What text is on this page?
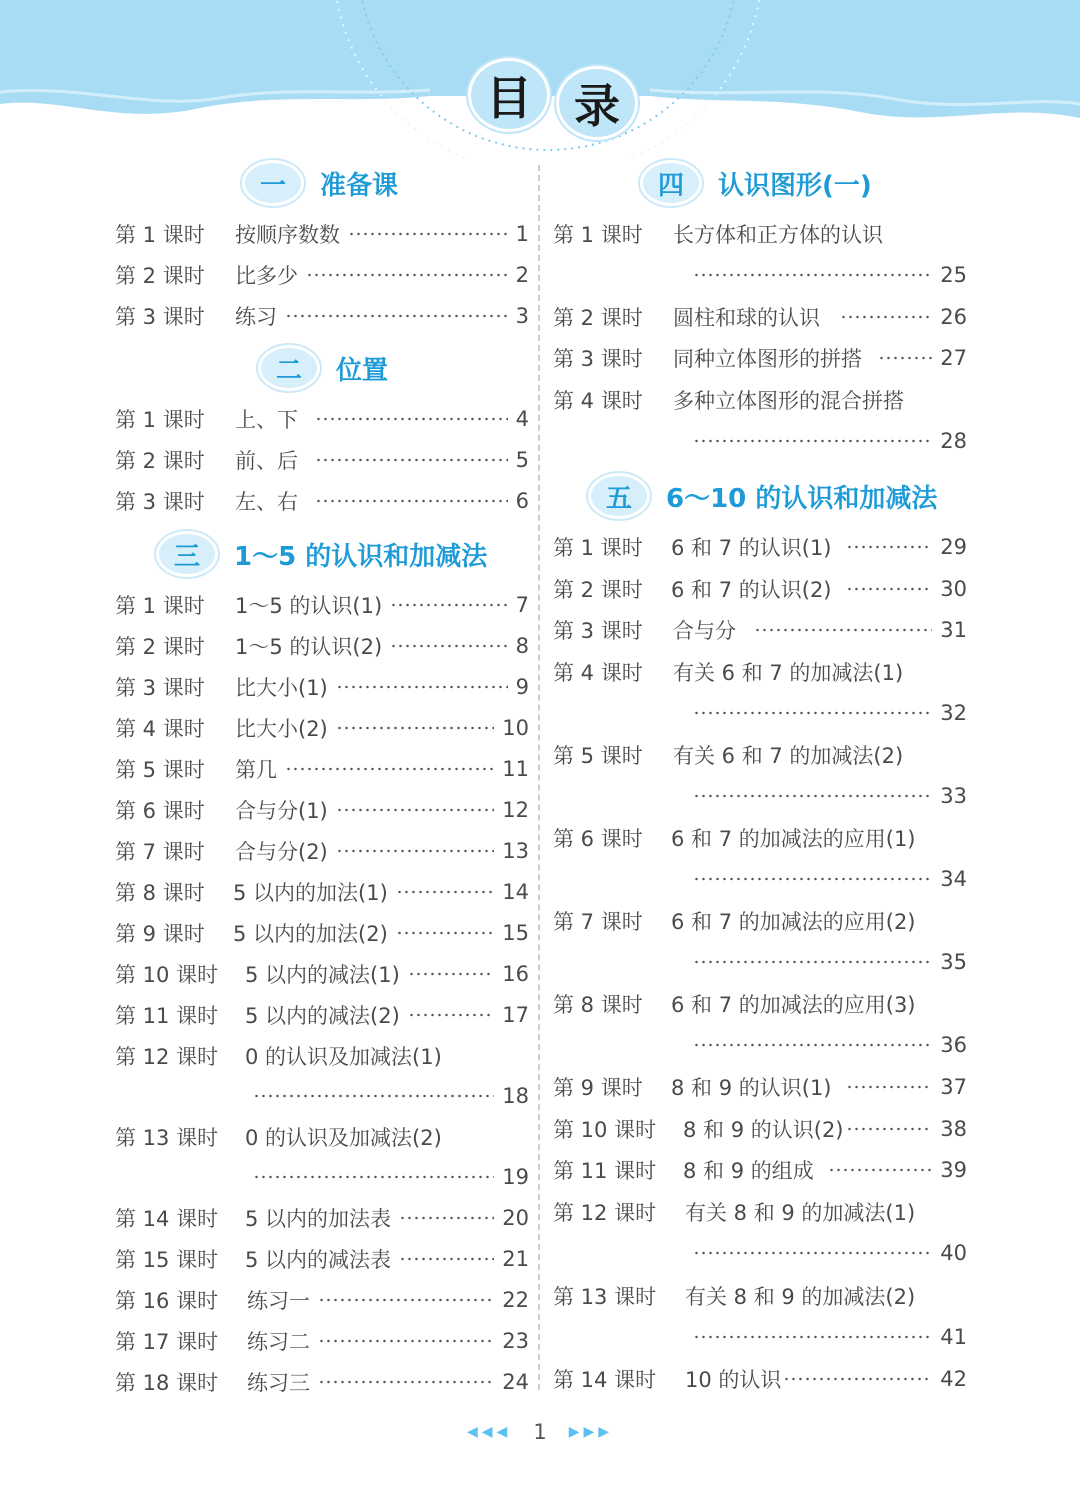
目 录
一	准备课
二	位置
三	1～5 的认识和加减法
四	认识图形(一)
五	6～10 的认识和加减法
第 1 课时	按顺序数数	1
第 2 课时	比多少	2
第 3 课时	练习	3
第 1 课时	上、下	4
第 2 课时	前、后	5
第 3 课时	左、右	6
第 1 课时	1～5 的认识(1)	7
第 2 课时	1～5 的认识(2)	8
第 3 课时	比大小(1)	9
第 4 课时	比大小(2)	10
第 5 课时	第几	11
第 6 课时	合与分(1)	12
第 7 课时	合与分(2)	13
第 8 课时	5 以内的加法(1)	14
第 9 课时	5 以内的加法(2)	15
第 10 课时	5 以内的减法(1)	16
第 11 课时	5 以内的减法(2)	17
第 12 课时	0 的认识及加减法(1)
18
第 13 课时	0 的认识及加减法(2)
19
第 14 课时	5 以内的加法表	20
第 15 课时	5 以内的减法表	21
第 16 课时	练习一	22
第 17 课时	练习二	23
第 18 课时	练习三	24
第 1 课时	长方体和正方体的认识
25
第 2 课时	圆柱和球的认识	26
第 3 课时	同种立体图形的拼搭	27
第 4 课时	多种立体图形的混合拼搭
28
第 1 课时	6 和 7 的认识(1)	29
第 2 课时	6 和 7 的认识(2)	30
第 3 课时	合与分	31
第 4 课时	有关 6 和 7 的加减法(1)
32
第 5 课时	有关 6 和 7 的加减法(2)
33
第 6 课时	6 和 7 的加减法的应用(1)
34
第 7 课时	6 和 7 的加减法的应用(2)
35
第 8 课时	6 和 7 的加减法的应用(3)
36
第 9 课时	8 和 9 的认识(1)	37
第 10 课时	8 和 9 的认识(2)	38
第 11 课时	8 和 9 的组成	39
第 12 课时	有关 8 和 9 的加减法(1)
40
第 13 课时	有关 8 和 9 的加减法(2)
41
第 14 课时	10 的认识	42
◀◀◀ 1 ▶▶▶
